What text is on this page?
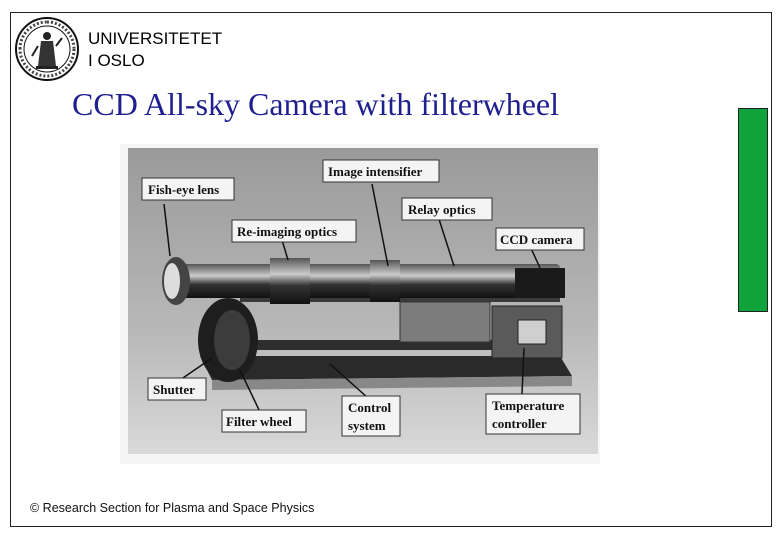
UNIVERSITETET
I OSLO
CCD All-sky Camera with filterwheel
Fish-eye lens
Image intensifier
Relay optics
Re-imaging optics
CCD camera
Shutter
Filter wheel
Control
system
Temperature
controller
© Research Section for Plasma and Space Physics
